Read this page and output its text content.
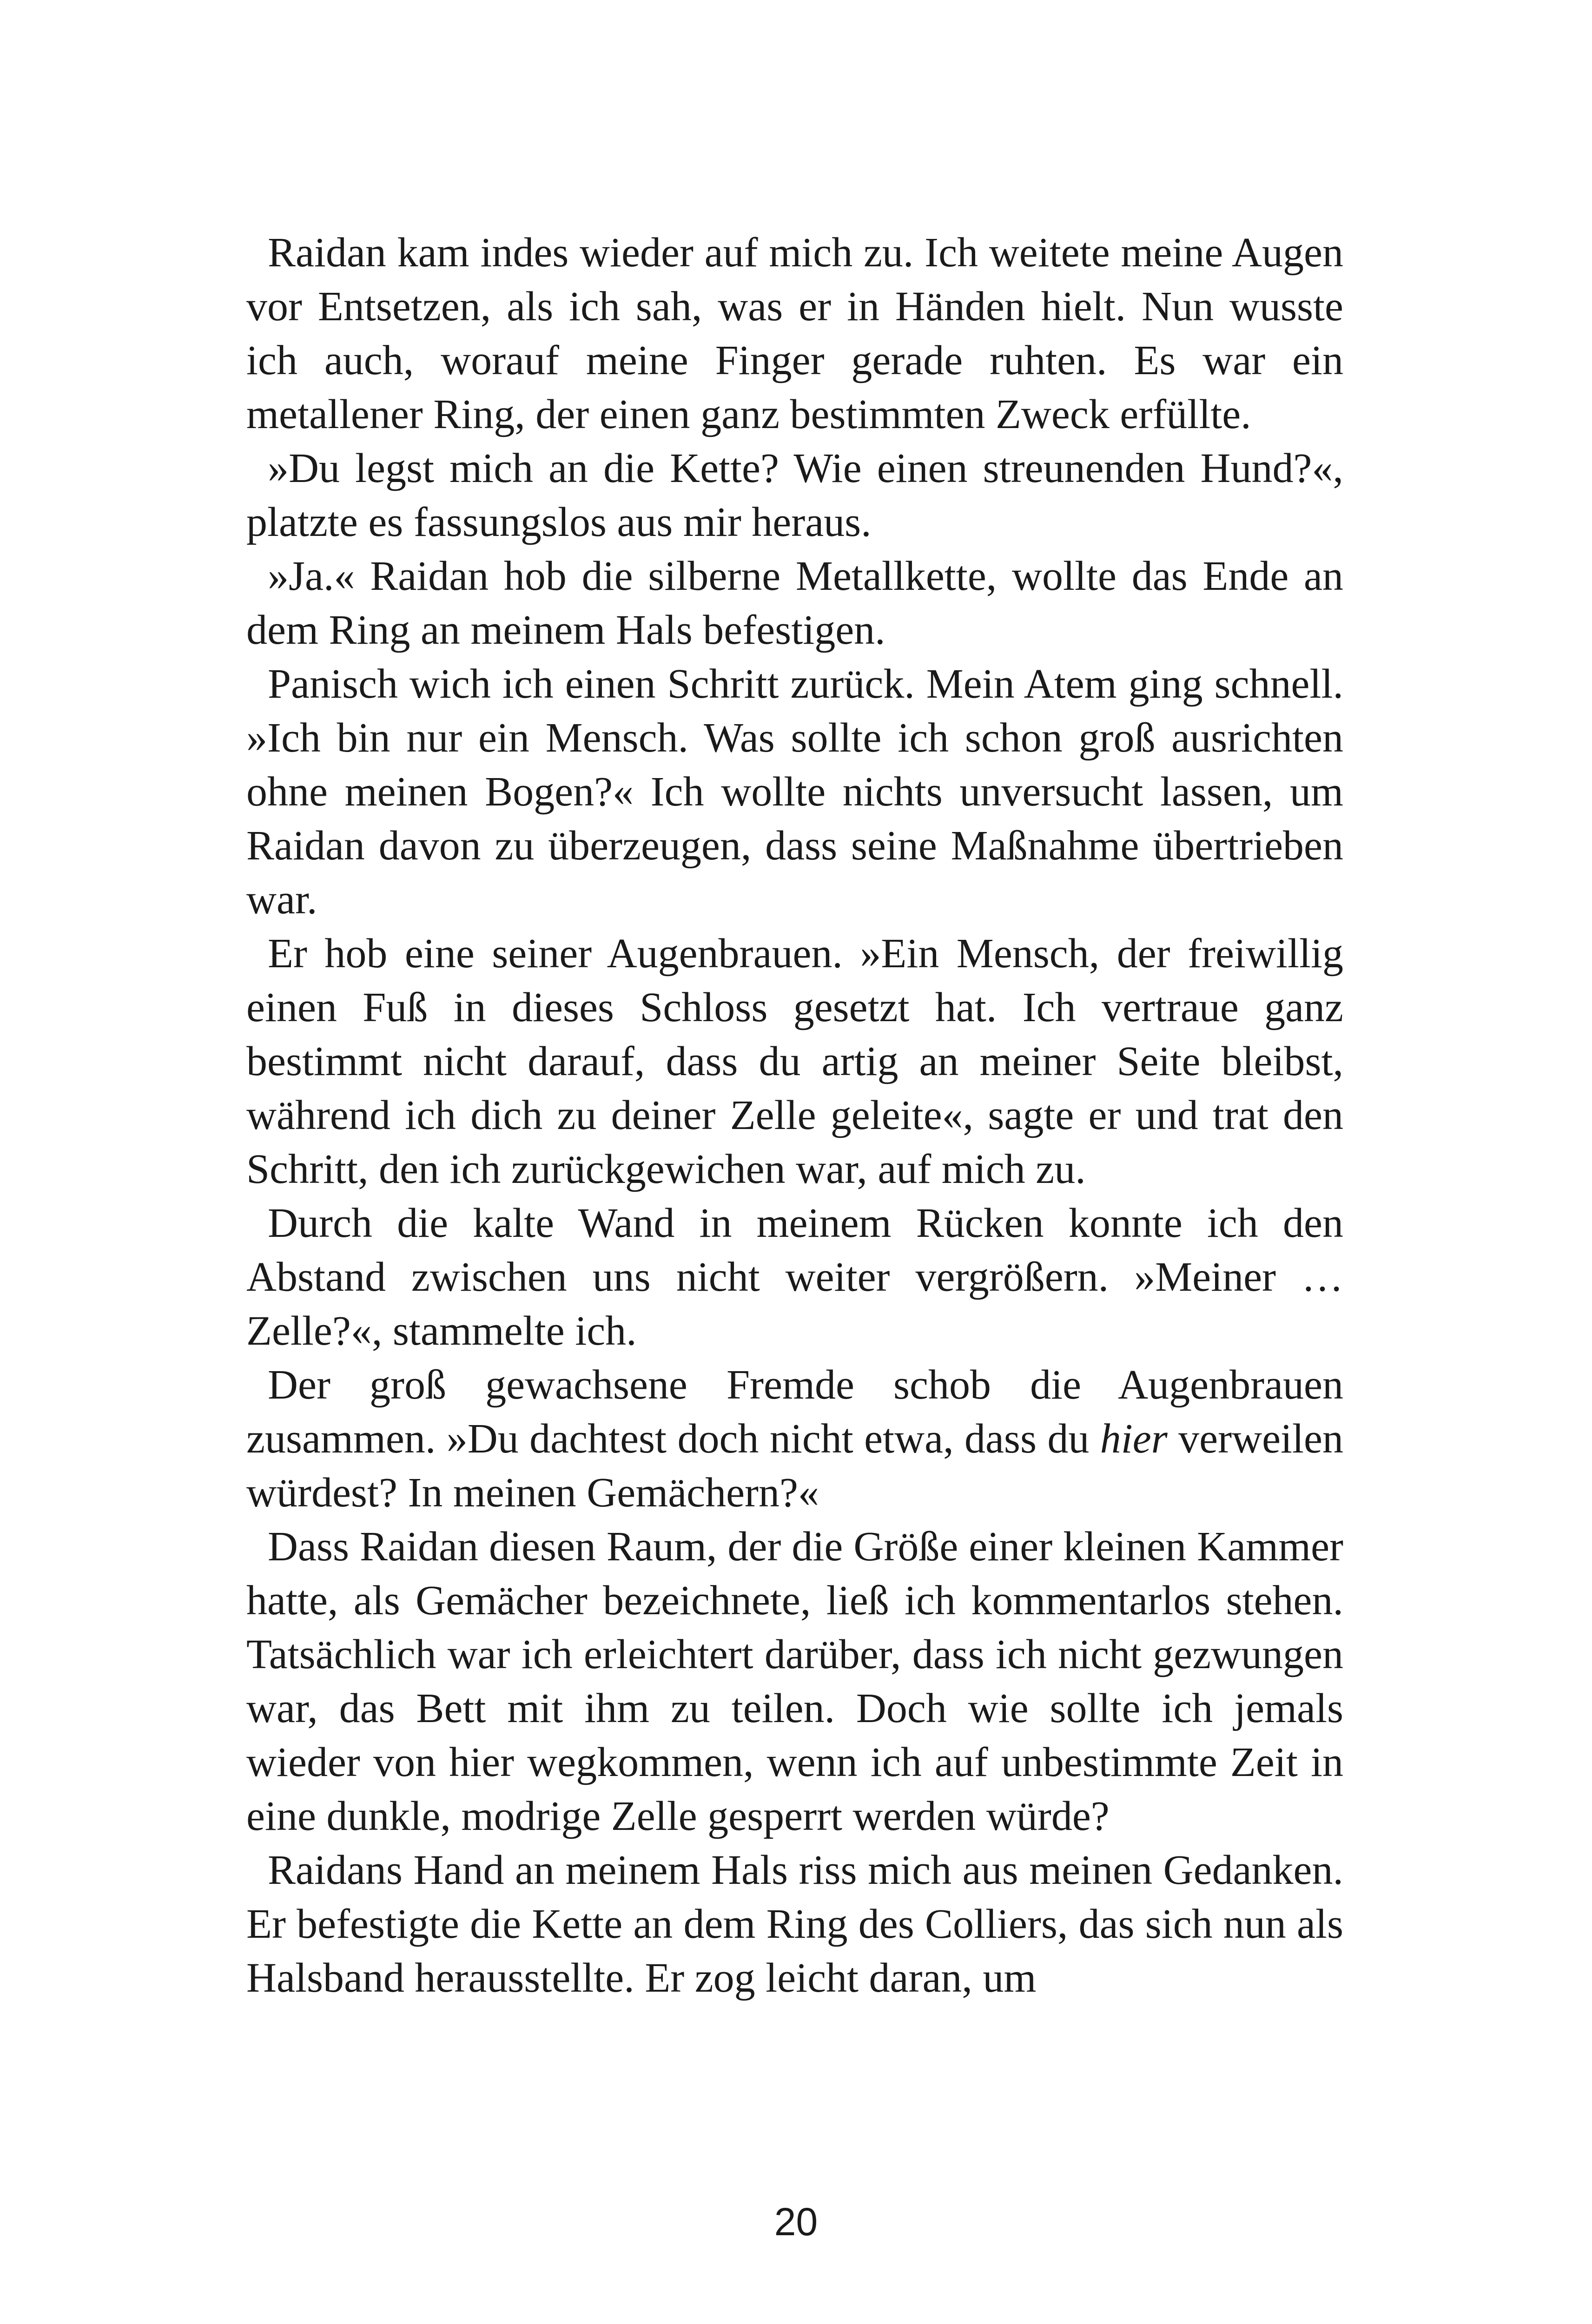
Raidan kam indes wieder auf mich zu. Ich weitete meine Augen vor Entsetzen, als ich sah, was er in Händen hielt. Nun wusste ich auch, worauf meine Finger gerade ruhten. Es war ein metallener Ring, der einen ganz bestimmten Zweck erfüllte.

»Du legst mich an die Kette? Wie einen streunenden Hund?«, platzte es fassungslos aus mir heraus.

»Ja.« Raidan hob die silberne Metallkette, wollte das Ende an dem Ring an meinem Hals befestigen.

Panisch wich ich einen Schritt zurück. Mein Atem ging schnell. »Ich bin nur ein Mensch. Was sollte ich schon groß ausrichten ohne meinen Bogen?« Ich wollte nichts unversucht lassen, um Raidan davon zu überzeugen, dass seine Maßnahme übertrieben war.

Er hob eine seiner Augenbrauen. »Ein Mensch, der freiwillig einen Fuß in dieses Schloss gesetzt hat. Ich vertraue ganz bestimmt nicht darauf, dass du artig an meiner Seite bleibst, während ich dich zu deiner Zelle geleite«, sagte er und trat den Schritt, den ich zurückgewichen war, auf mich zu.

Durch die kalte Wand in meinem Rücken konnte ich den Abstand zwischen uns nicht weiter vergrößern. »Meiner … Zelle?«, stammelte ich.

Der groß gewachsene Fremde schob die Augenbrauen zusammen. »Du dachtest doch nicht etwa, dass du hier verweilen würdest? In meinen Gemächern?«

Dass Raidan diesen Raum, der die Größe einer kleinen Kammer hatte, als Gemächer bezeichnete, ließ ich kommentarlos stehen. Tatsächlich war ich erleichtert darüber, dass ich nicht gezwungen war, das Bett mit ihm zu teilen. Doch wie sollte ich jemals wieder von hier wegkommen, wenn ich auf unbestimmte Zeit in eine dunkle, modrige Zelle gesperrt werden würde?

Raidans Hand an meinem Hals riss mich aus meinen Gedanken. Er befestigte die Kette an dem Ring des Colliers, das sich nun als Halsband herausstellte. Er zog leicht daran, um

20
